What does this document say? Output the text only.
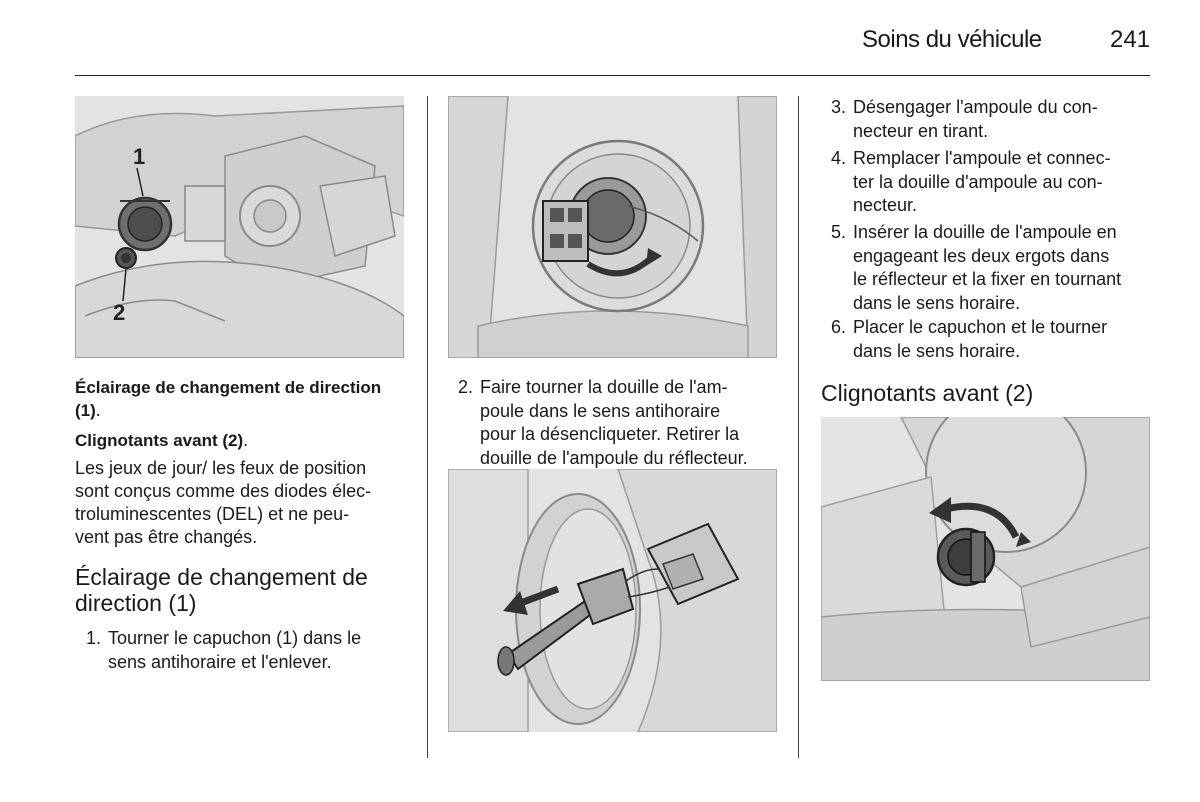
Soins du véhicule	241
1
2
Éclairage de changement de direction (1).
Clignotants avant (2).
Les jeux de jour/ les feux de position
sont conçus comme des diodes élec-
troluminescentes (DEL) et ne peu-
vent pas être changés.
Éclairage de changement de
direction (1)
1. Tourner le capuchon (1) dans le
sens antihoraire et l'enlever.
2. Faire tourner la douille de l'am-
poule dans le sens antihoraire
pour la désencliqueter. Retirer la
douille de l'ampoule du réflecteur.
3. Désengager l'ampoule du con-
necteur en tirant.
4. Remplacer l'ampoule et connec-
ter la douille d'ampoule au con-
necteur.
5. Insérer la douille de l'ampoule en
engageant les deux ergots dans
le réflecteur et la fixer en tournant
dans le sens horaire.
6. Placer le capuchon et le tourner
dans le sens horaire.
Clignotants avant (2)
